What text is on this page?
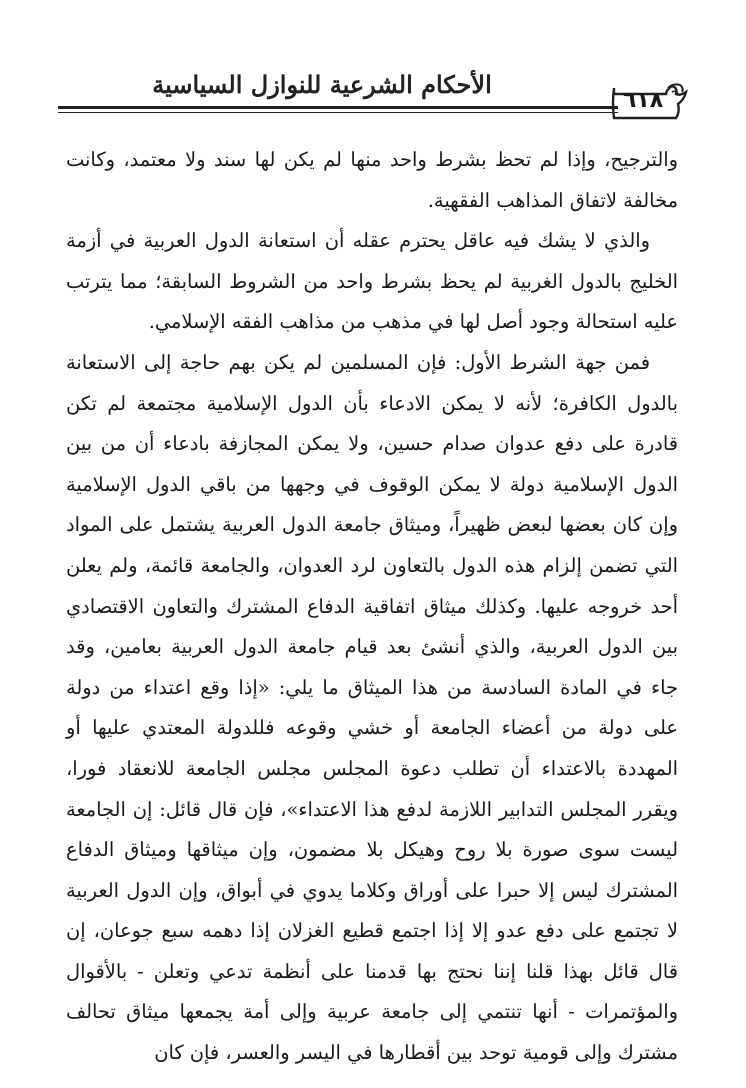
الأحكام الشرعية للنوازل السياسية
٦١٨

والترجيح، وإذا لم تحظ بشرط واحد منها لم يكن لها سند ولا معتمد، وكانت مخالفة لاتفاق المذاهب الفقهية.

والذي لا يشك فيه عاقل يحترم عقله أن استعانة الدول العربية في أزمة الخليج بالدول الغربية لم يحظ بشرط واحد من الشروط السابقة؛ مما يترتب عليه استحالة وجود أصل لها في مذهب من مذاهب الفقه الإسلامي.

فمن جهة الشرط الأول: فإن المسلمين لم يكن بهم حاجة إلى الاستعانة بالدول الكافرة؛ لأنه لا يمكن الادعاء بأن الدول الإسلامية مجتمعة لم تكن قادرة على دفع عدوان صدام حسين، ولا يمكن المجازفة بادعاء أن من بين الدول الإسلامية دولة لا يمكن الوقوف في وجهها من باقي الدول الإسلامية وإن كان بعضها لبعض ظهيراً، وميثاق جامعة الدول العربية يشتمل على المواد التي تضمن إلزام هذه الدول بالتعاون لرد العدوان، والجامعة قائمة، ولم يعلن أحد خروجه عليها. وكذلك ميثاق اتفاقية الدفاع المشترك والتعاون الاقتصادي بين الدول العربية، والذي أنشئ بعد قيام جامعة الدول العربية بعامين، وقد جاء في المادة السادسة من هذا الميثاق ما يلي: «إذا وقع اعتداء من دولة على دولة من أعضاء الجامعة أو خشي وقوعه فللدولة المعتدي عليها أو المهددة بالاعتداء أن تطلب دعوة المجلس مجلس الجامعة للانعقاد فورا، ويقرر المجلس التدابير اللازمة لدفع هذا الاعتداء»، فإن قال قائل: إن الجامعة ليست سوى صورة بلا روح وهيكل بلا مضمون، وإن ميثاقها وميثاق الدفاع المشترك ليس إلا حبرا على أوراق وكلاما يدوي في أبواق، وإن الدول العربية لا تجتمع على دفع عدو إلا إذا اجتمع قطيع الغزلان إذا دهمه سبع جوعان، إن قال قائل بهذا قلنا إننا نحتج بها قدمنا على أنظمة تدعي وتعلن - بالأقوال والمؤتمرات - أنها تنتمي إلى جامعة عربية وإلى أمة يجمعها ميثاق تحالف مشترك وإلى قومية توحد بين أقطارها في اليسر والعسر، فإن كان
